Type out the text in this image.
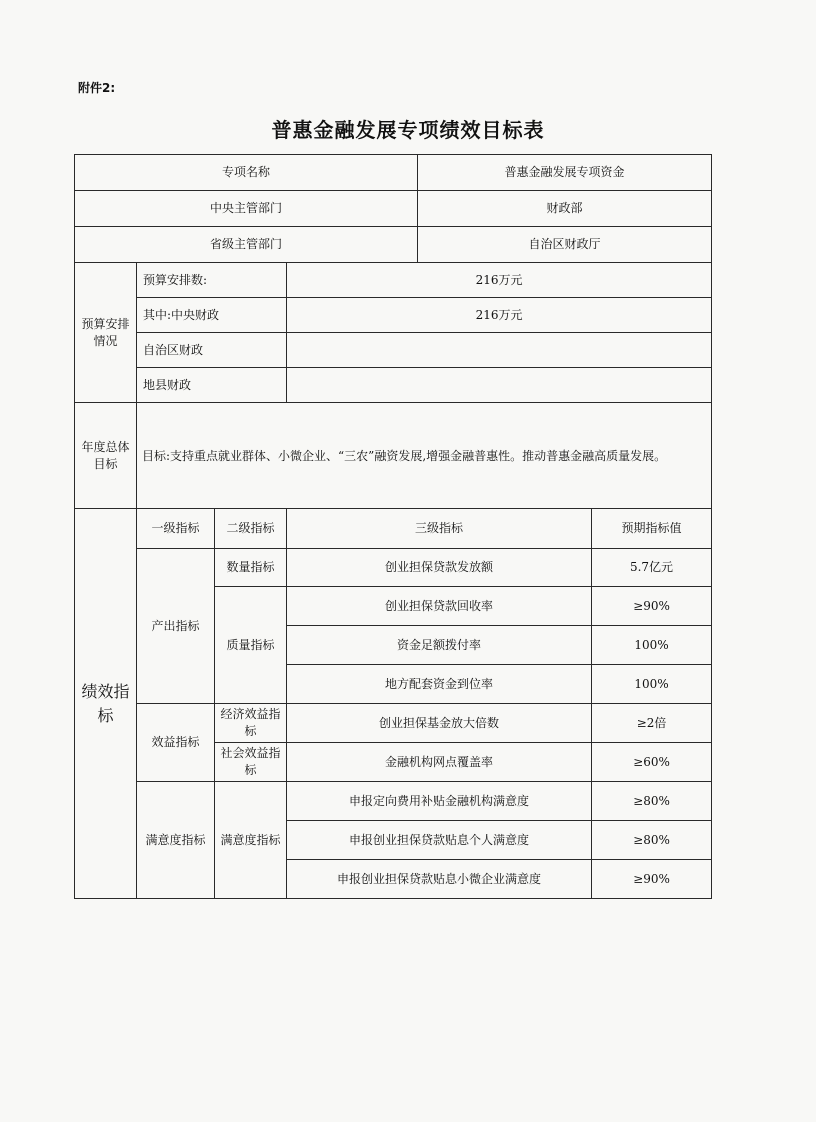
附件2:
普惠金融发展专项绩效目标表
专项名称				普惠金融发展专项资金	
中央主管部门				财政部	
省级主管部门				自治区财政厅	
预算安排情况	预算安排数:		216万元		
	其中:中央财政		216万元		
	自治区财政				
	地县财政				
年度总体目标	目标:支持重点就业群体、小微企业、“三农”融资发展,增强金融普惠性。推动普惠金融高质量发展。				
绩效指标	一级指标	二级指标	三级指标		预期指标值
	产出指标	数量指标	创业担保贷款发放额		5.7亿元
		质量指标	创业担保贷款回收率		≥90%
			资金足额拨付率		100%
			地方配套资金到位率		100%
	效益指标	经济效益指标	创业担保基金放大倍数		≥2倍
		社会效益指标	金融机构网点覆盖率		≥60%
	满意度指标	满意度指标	申报定向费用补贴金融机构满意度		≥80%
			申报创业担保贷款贴息个人满意度		≥80%
			申报创业担保贷款贴息小微企业满意度		≥90%
